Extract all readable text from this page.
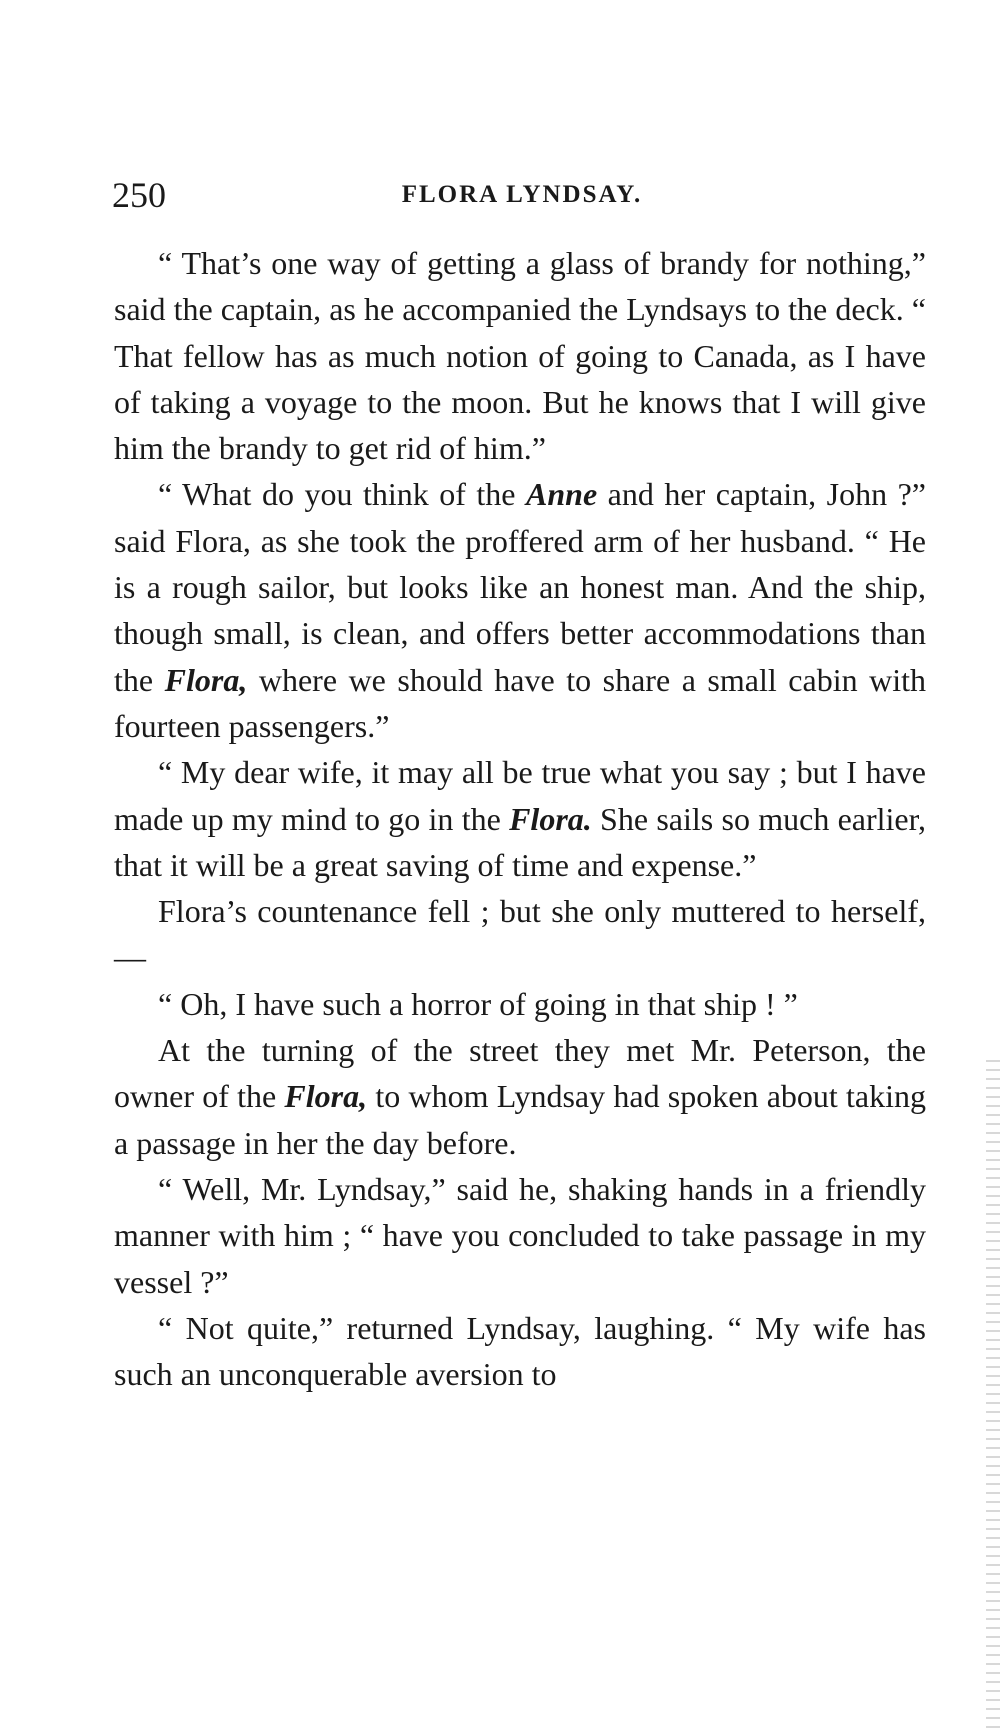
250	FLORA LYNDSAY.

“ That’s one way of getting a glass of brandy for nothing,” said the captain, as he accompanied the Lyndsays to the deck. “ That fellow has as much notion of going to Canada, as I have of taking a voyage to the moon. But he knows that I will give him the brandy to get rid of him.”

“ What do you think of the Anne and her captain, John ?” said Flora, as she took the proffered arm of her husband. “ He is a rough sailor, but looks like an honest man. And the ship, though small, is clean, and offers better accommodations than the Flora, where we should have to share a small cabin with fourteen passengers.”

“ My dear wife, it may all be true what you say ; but I have made up my mind to go in the Flora. She sails so much earlier, that it will be a great saving of time and expense.”

Flora’s countenance fell ; but she only muttered to herself,—

“ Oh, I have such a horror of going in that ship ! ”

At the turning of the street they met Mr. Peterson, the owner of the Flora, to whom Lyndsay had spoken about taking a passage in her the day before.

“ Well, Mr. Lyndsay,” said he, shaking hands in a friendly manner with him ; “ have you concluded to take passage in my vessel ?”

“ Not quite,” returned Lyndsay, laughing. “ My wife has such an unconquerable aversion to
